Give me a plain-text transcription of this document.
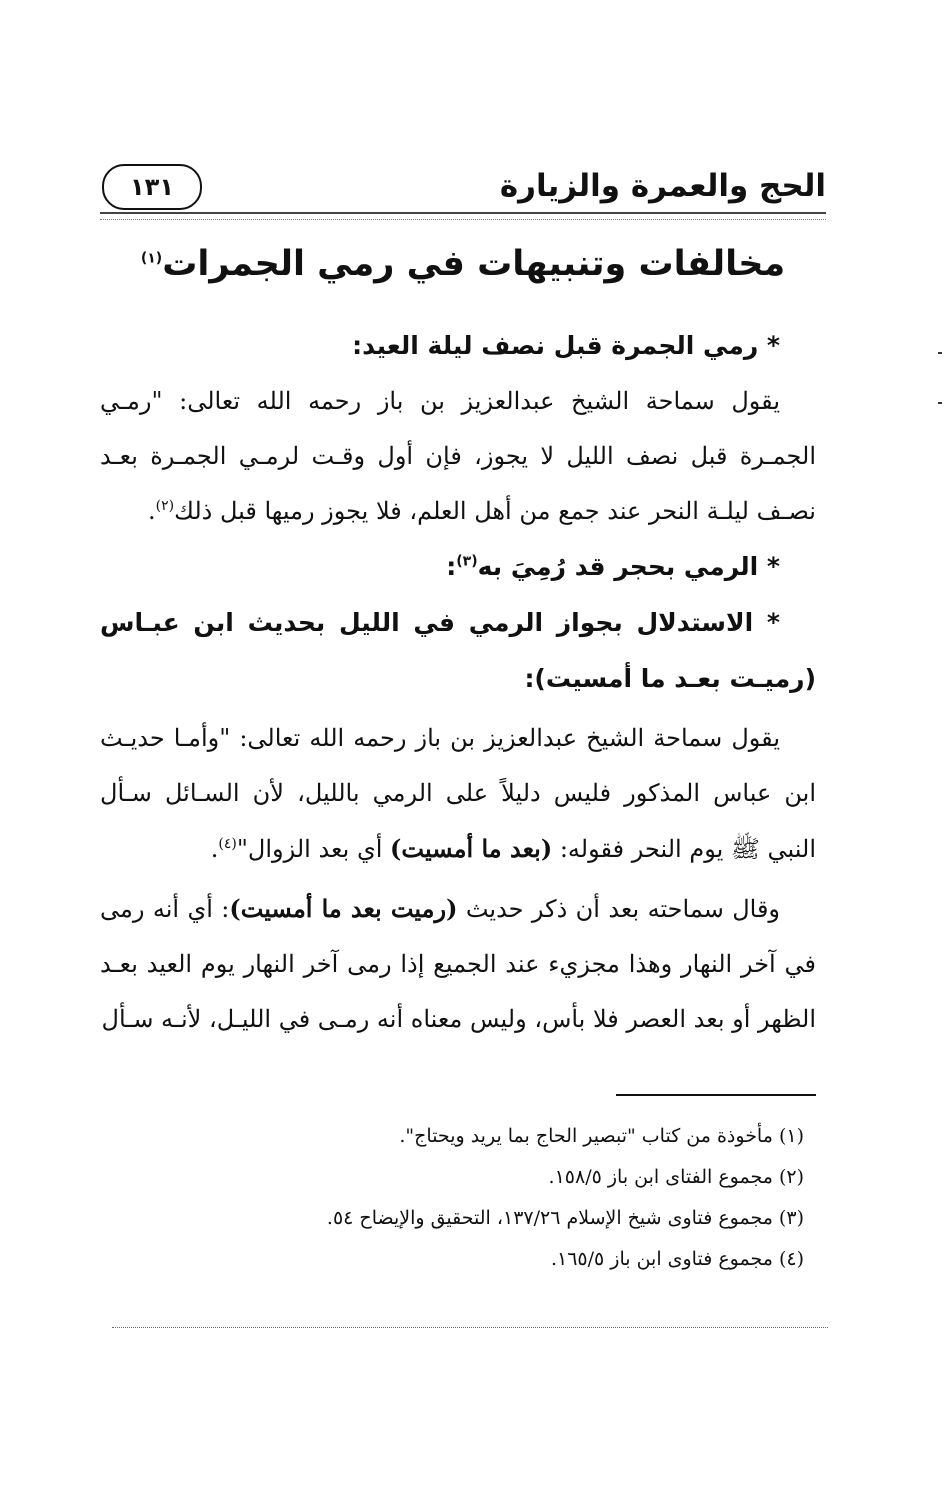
الحج والعمرة والزيارة
١٣١
مخالفات وتنبيهات في رمي الجمرات$^{(١)}$

* رمي الجمرة قبل نصف ليلة العيد:

يقول سماحة الشيخ عبدالعزيز بن باز رحمه الله تعالى: "رمـي الجمـرة قبل نصف الليل لا يجوز، فإن أول وقـت لرمـي الجمـرة بعـد نصـف ليلـة النحر عند جمع من أهل العلم، فلا يجوز رميها قبل ذلك$^{(٢)}$.

* الرمي بحجر قد رُمِيَ به$^{(٣)}$:

* الاستدلال بجواز الرمي في الليل بحديث ابن عبـاس (رميـت بعـد ما أمسيت):

يقول سماحة الشيخ عبدالعزيز بن باز رحمه الله تعالى: "وأمـا حديـث ابن عباس المذكور فليس دليلاً على الرمي بالليل، لأن السـائل سـأل النبي ﷺ يوم النحر فقوله: (بعد ما أمسيت) أي بعد الزوال"$^{(٤)}$.

وقال سماحته بعد أن ذكر حديث (رميت بعد ما أمسيت): أي أنه رمى في آخر النهار وهذا مجزيء عند الجميع إذا رمى آخر النهار يوم العيد بعـد الظهر أو بعد العصر فلا بأس، وليس معناه أنه رمـى في الليـل، لأنـه سـأل

(١) مأخوذة من كتاب "تبصير الحاج بما يريد ويحتاج".

(٢) مجموع الفتاى ابن باز ١٥٨/٥.

(٣) مجموع فتاوى شيخ الإسلام ١٣٧/٢٦، التحقيق والإيضاح ٥٤.

(٤) مجموع فتاوى ابن باز ١٦٥/٥.
